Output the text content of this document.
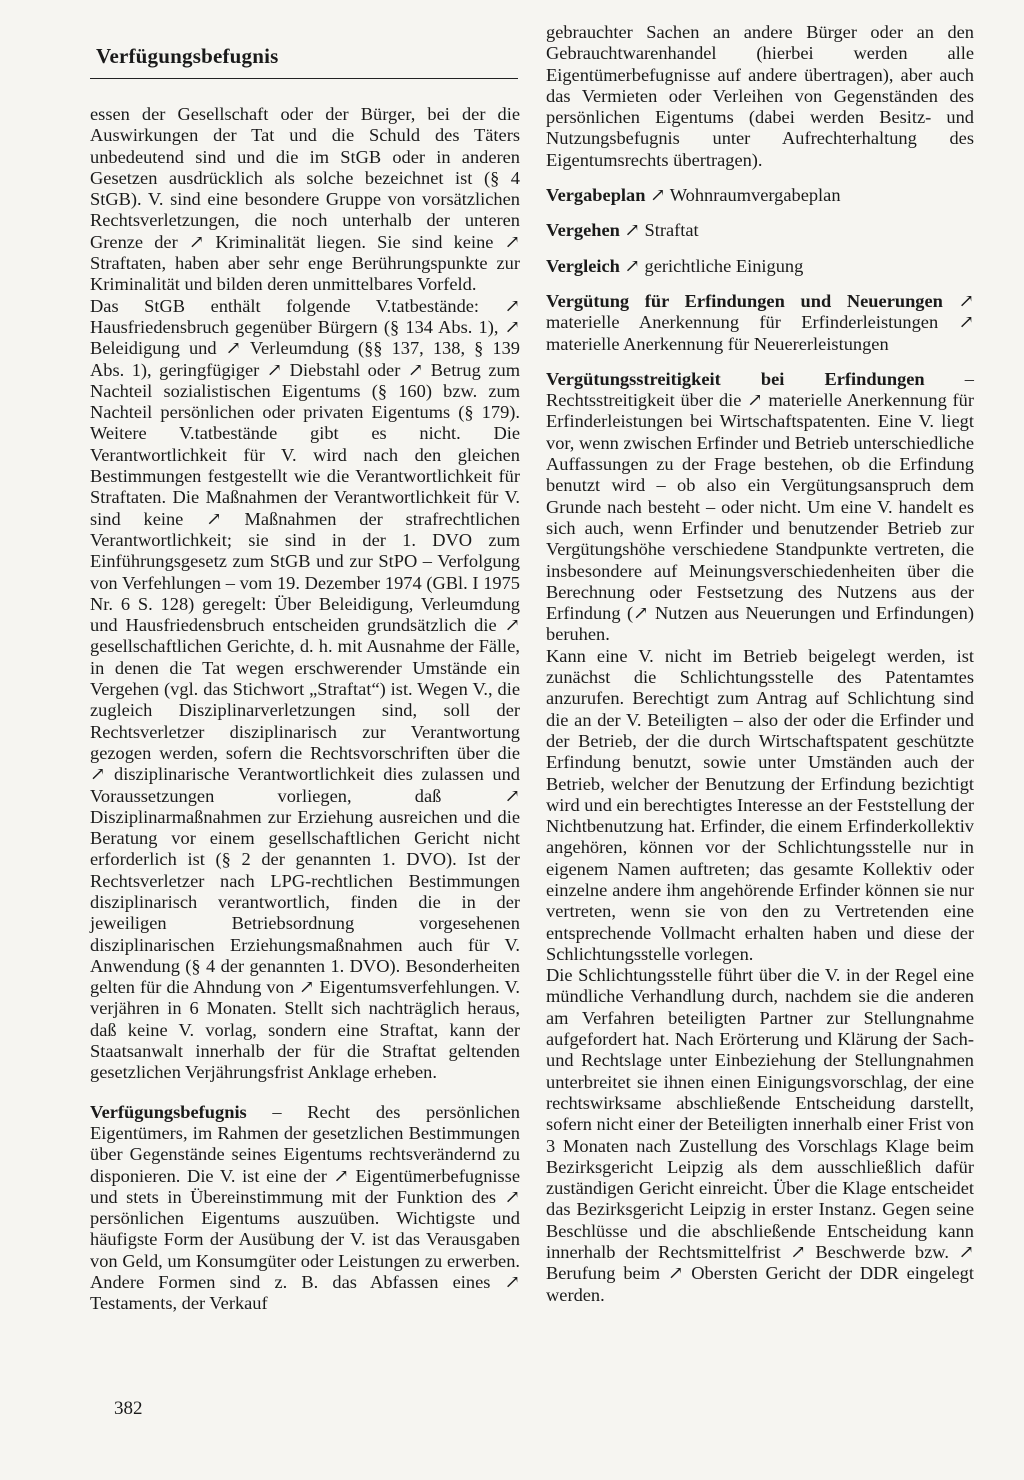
Verfügungsbefugnis

essen der Gesellschaft oder der Bürger, bei der die Auswirkungen der Tat und die Schuld des Täters unbedeutend sind und die im StGB oder in anderen Gesetzen ausdrücklich als solche bezeichnet ist (§ 4 StGB). V. sind eine besondere Gruppe von vorsätzlichen Rechtsverletzungen, die noch unterhalb der unteren Grenze der ↗ Kriminalität liegen. Sie sind keine ↗ Straftaten, haben aber sehr enge Berührungspunkte zur Kriminalität und bilden deren unmittelbares Vorfeld.

Das StGB enthält folgende V.tatbestände: ↗ Hausfriedensbruch gegenüber Bürgern (§ 134 Abs. 1), ↗ Beleidigung und ↗ Verleumdung (§§ 137, 138, § 139 Abs. 1), geringfügiger ↗ Diebstahl oder ↗ Betrug zum Nachteil sozialistischen Eigentums (§ 160) bzw. zum Nachteil persönlichen oder privaten Eigentums (§ 179). Weitere V.tatbestände gibt es nicht. Die Verantwortlichkeit für V. wird nach den gleichen Bestimmungen festgestellt wie die Verantwortlichkeit für Straftaten. Die Maßnahmen der Verantwortlichkeit für V. sind keine ↗ Maßnahmen der strafrechtlichen Verantwortlichkeit; sie sind in der 1. DVO zum Einführungsgesetz zum StGB und zur StPO – Verfolgung von Verfehlungen – vom 19. Dezember 1974 (GBl. I 1975 Nr. 6 S. 128) geregelt: Über Beleidigung, Verleumdung und Hausfriedensbruch entscheiden grundsätzlich die ↗ gesellschaftlichen Gerichte, d. h. mit Ausnahme der Fälle, in denen die Tat wegen erschwerender Umstände ein Vergehen (vgl. das Stichwort „Straftat“) ist. Wegen V., die zugleich Disziplinarverletzungen sind, soll der Rechtsverletzer disziplinarisch zur Verantwortung gezogen werden, sofern die Rechtsvorschriften über die ↗ disziplinarische Verantwortlichkeit dies zulassen und Voraussetzungen vorliegen, daß ↗ Disziplinarmaßnahmen zur Erziehung ausreichen und die Beratung vor einem gesellschaftlichen Gericht nicht erforderlich ist (§ 2 der genannten 1. DVO). Ist der Rechtsverletzer nach LPG-rechtlichen Bestimmungen disziplinarisch verantwortlich, finden die in der jeweiligen Betriebsordnung vorgesehenen disziplinarischen Erziehungsmaßnahmen auch für V. Anwendung (§ 4 der genannten 1. DVO). Besonderheiten gelten für die Ahndung von ↗ Eigentumsverfehlungen. V. verjähren in 6 Monaten. Stellt sich nachträglich heraus, daß keine V. vorlag, sondern eine Straftat, kann der Staatsanwalt innerhalb der für die Straftat geltenden gesetzlichen Verjährungsfrist Anklage erheben.

Verfügungsbefugnis – Recht des persönlichen Eigentümers, im Rahmen der gesetzlichen Bestimmungen über Gegenstände seines Eigentums rechtsverändernd zu disponieren. Die V. ist eine der ↗ Eigentümerbefugnisse und stets in Übereinstimmung mit der Funktion des ↗ persönlichen Eigentums auszuüben. Wichtigste und häufigste Form der Ausübung der V. ist das Verausgaben von Geld, um Konsumgüter oder Leistungen zu erwerben. Andere Formen sind z. B. das Abfassen eines ↗ Testaments, der Verkauf

gebrauchter Sachen an andere Bürger oder an den Gebrauchtwarenhandel (hierbei werden alle Eigentümerbefugnisse auf andere übertragen), aber auch das Vermieten oder Verleihen von Gegenständen des persönlichen Eigentums (dabei werden Besitz- und Nutzungsbefugnis unter Aufrechterhaltung des Eigentumsrechts übertragen).

Vergabeplan ↗ Wohnraumvergabeplan

Vergehen ↗ Straftat

Vergleich ↗ gerichtliche Einigung

Vergütung für Erfindungen und Neuerungen ↗ materielle Anerkennung für Erfinderleistungen ↗ materielle Anerkennung für Neuererleistungen

Vergütungsstreitigkeit bei Erfindungen – Rechtsstreitigkeit über die ↗ materielle Anerkennung für Erfinderleistungen bei Wirtschaftspatenten. Eine V. liegt vor, wenn zwischen Erfinder und Betrieb unterschiedliche Auffassungen zu der Frage bestehen, ob die Erfindung benutzt wird – ob also ein Vergütungsanspruch dem Grunde nach besteht – oder nicht. Um eine V. handelt es sich auch, wenn Erfinder und benutzender Betrieb zur Vergütungshöhe verschiedene Standpunkte vertreten, die insbesondere auf Meinungsverschiedenheiten über die Berechnung oder Festsetzung des Nutzens aus der Erfindung (↗ Nutzen aus Neuerungen und Erfindungen) beruhen.

Kann eine V. nicht im Betrieb beigelegt werden, ist zunächst die Schlichtungsstelle des Patentamtes anzurufen. Berechtigt zum Antrag auf Schlichtung sind die an der V. Beteiligten – also der oder die Erfinder und der Betrieb, der die durch Wirtschaftspatent geschützte Erfindung benutzt, sowie unter Umständen auch der Betrieb, welcher der Benutzung der Erfindung bezichtigt wird und ein berechtigtes Interesse an der Feststellung der Nichtbenutzung hat. Erfinder, die einem Erfinderkollektiv angehören, können vor der Schlichtungsstelle nur in eigenem Namen auftreten; das gesamte Kollektiv oder einzelne andere ihm angehörende Erfinder können sie nur vertreten, wenn sie von den zu Vertretenden eine entsprechende Vollmacht erhalten haben und diese der Schlichtungsstelle vorlegen.

Die Schlichtungsstelle führt über die V. in der Regel eine mündliche Verhandlung durch, nachdem sie die anderen am Verfahren beteiligten Partner zur Stellungnahme aufgefordert hat. Nach Erörterung und Klärung der Sach- und Rechtslage unter Einbeziehung der Stellungnahmen unterbreitet sie ihnen einen Einigungsvorschlag, der eine rechtswirksame abschließende Entscheidung darstellt, sofern nicht einer der Beteiligten innerhalb einer Frist von 3 Monaten nach Zustellung des Vorschlags Klage beim Bezirksgericht Leipzig als dem ausschließlich dafür zuständigen Gericht einreicht. Über die Klage entscheidet das Bezirksgericht Leipzig in erster Instanz. Gegen seine Beschlüsse und die abschließende Entscheidung kann innerhalb der Rechtsmittelfrist ↗ Beschwerde bzw. ↗ Berufung beim ↗ Obersten Gericht der DDR eingelegt werden.

382
